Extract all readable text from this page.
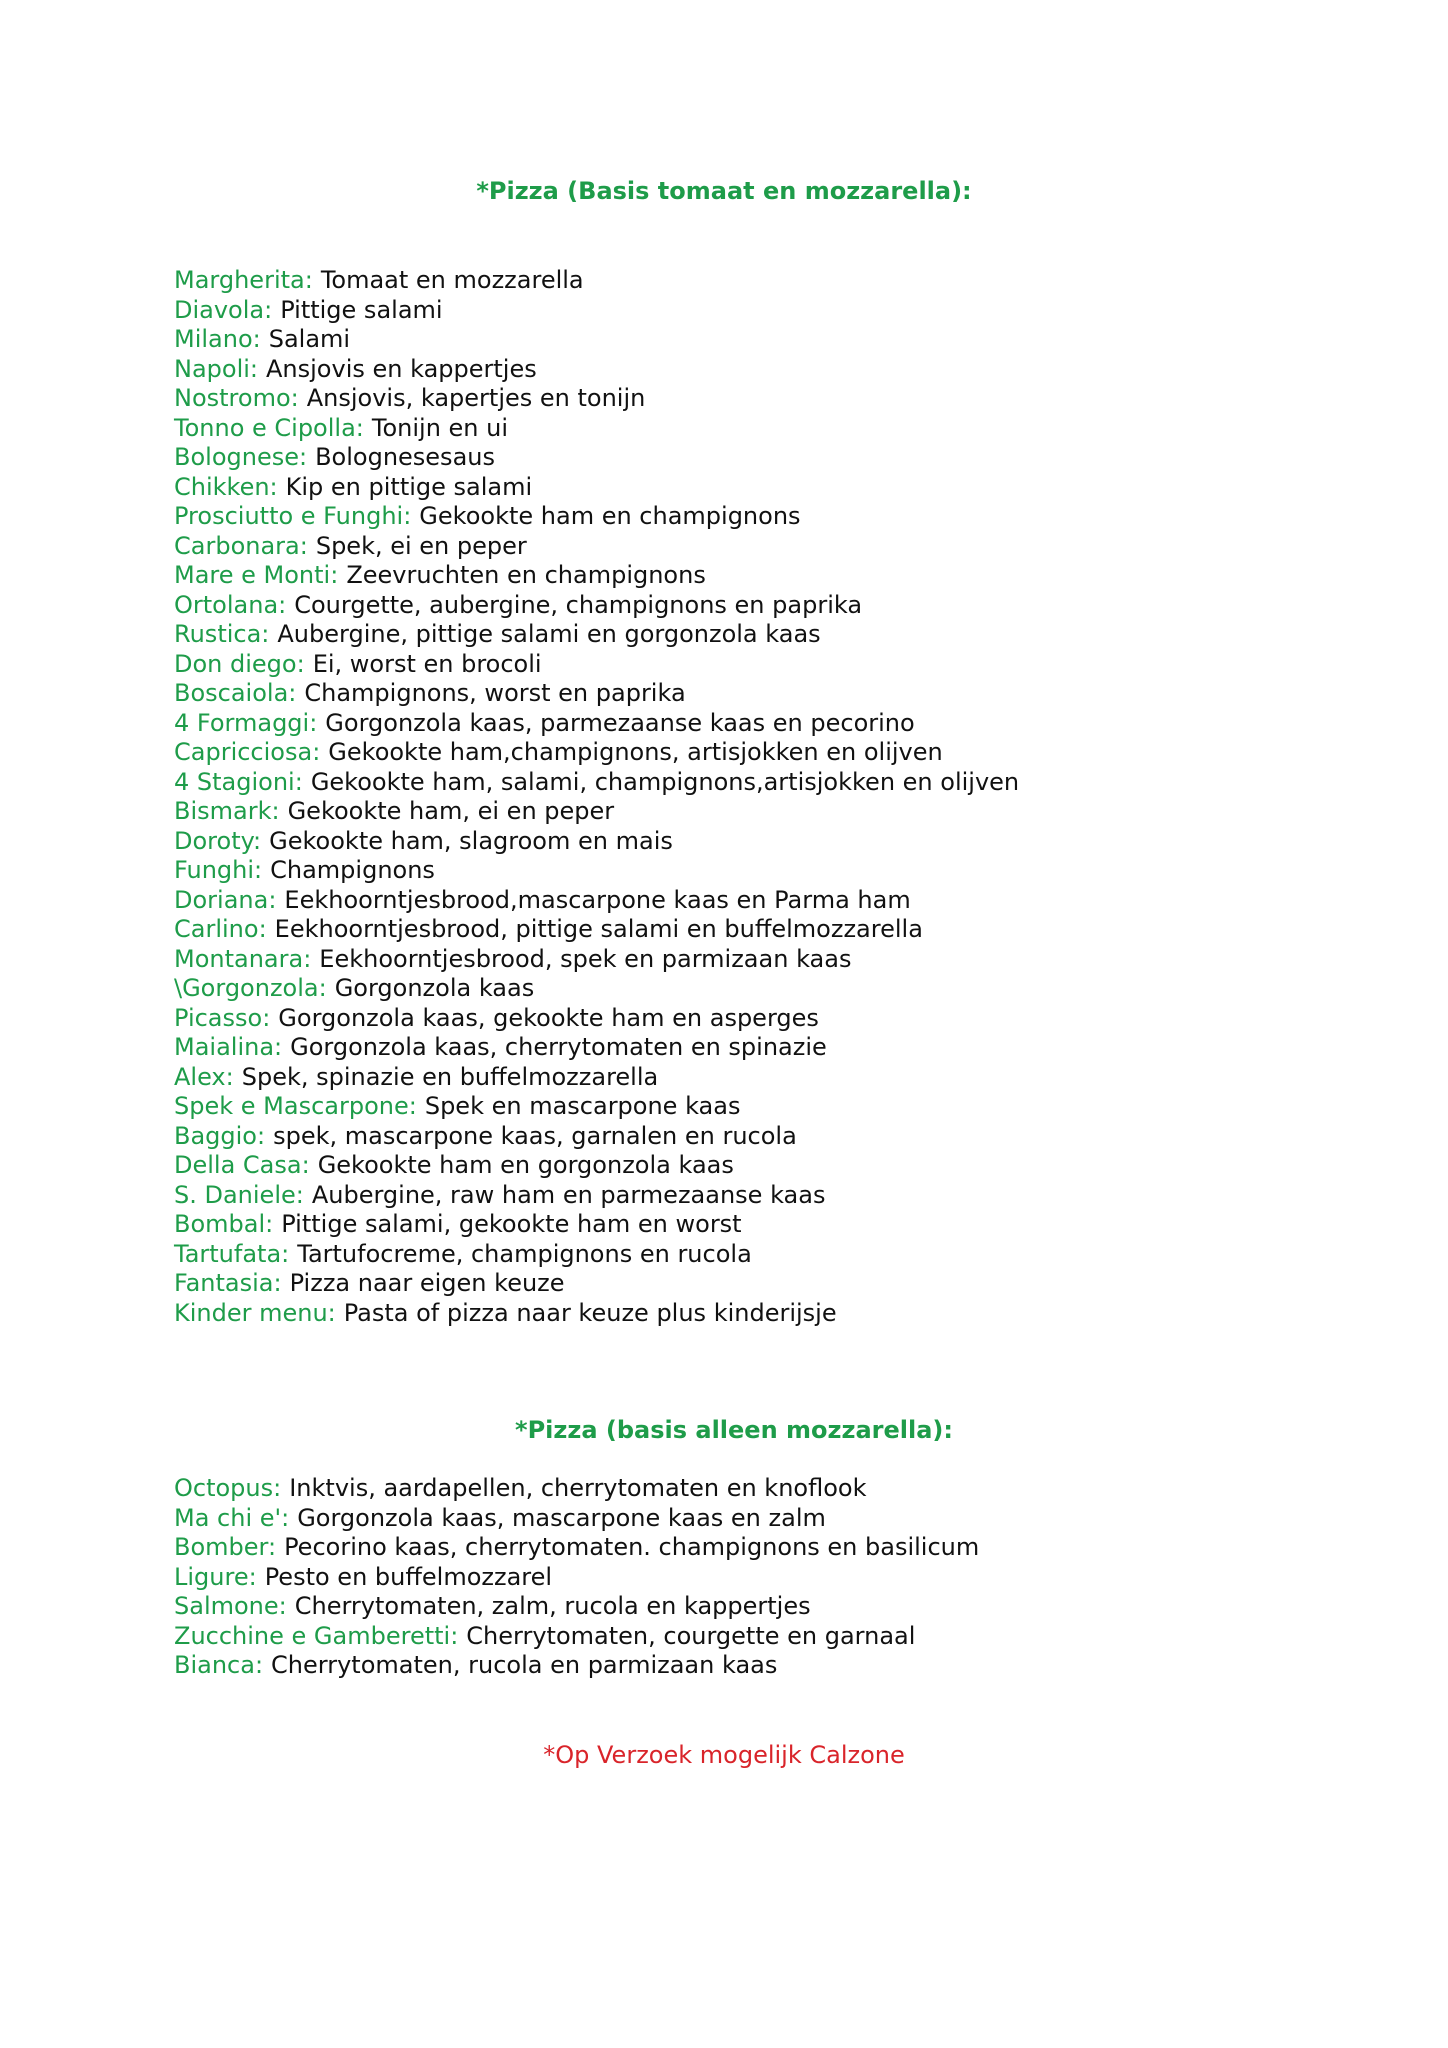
*Pizza (Basis tomaat en mozzarella):
Margherita: Tomaat en mozzarella
Diavola: Pittige salami
Milano: Salami
Napoli: Ansjovis en kappertjes
Nostromo: Ansjovis, kapertjes en tonijn
Tonno e Cipolla: Tonijn en ui
Bolognese: Bolognesesaus
Chikken: Kip en pittige salami
Prosciutto e Funghi: Gekookte ham en champignons
Carbonara: Spek, ei en peper
Mare e Monti: Zeevruchten en champignons
Ortolana: Courgette, aubergine, champignons en paprika
Rustica: Aubergine, pittige salami en gorgonzola kaas
Don diego: Ei, worst en brocoli
Boscaiola: Champignons, worst en paprika
4 Formaggi: Gorgonzola kaas, parmezaanse kaas en pecorino
Capricciosa: Gekookte ham,champignons, artisjokken en olijven
4 Stagioni: Gekookte ham, salami, champignons,artisjokken en olijven
Bismark: Gekookte ham, ei en peper
Doroty: Gekookte ham, slagroom en mais
Funghi: Champignons
Doriana: Eekhoorntjesbrood,mascarpone kaas en Parma ham
Carlino: Eekhoorntjesbrood, pittige salami en buffelmozzarella
Montanara: Eekhoorntjesbrood, spek en parmizaan kaas
\Gorgonzola: Gorgonzola kaas
Picasso: Gorgonzola kaas, gekookte ham en asperges
Maialina: Gorgonzola kaas, cherrytomaten en spinazie
Alex: Spek, spinazie en buffelmozzarella
Spek e Mascarpone: Spek en mascarpone kaas
Baggio: spek, mascarpone kaas, garnalen en rucola
Della Casa: Gekookte ham en gorgonzola kaas
S. Daniele: Aubergine, raw ham en parmezaanse kaas
Bombal: Pittige salami, gekookte ham en worst
Tartufata: Tartufocreme, champignons en rucola
Fantasia: Pizza naar eigen keuze
Kinder menu: Pasta of pizza naar keuze plus kinderijsje
*Pizza (basis alleen mozzarella):
Octopus: Inktvis, aardapellen, cherrytomaten en knoflook
Ma chi e': Gorgonzola kaas, mascarpone kaas en zalm
Bomber: Pecorino kaas, cherrytomaten. champignons en basilicum
Ligure: Pesto en buffelmozzarel
Salmone: Cherrytomaten, zalm, rucola en kappertjes
Zucchine e Gamberetti: Cherrytomaten, courgette en garnaal
Bianca: Cherrytomaten, rucola en parmizaan kaas
*Op Verzoek mogelijk Calzone
